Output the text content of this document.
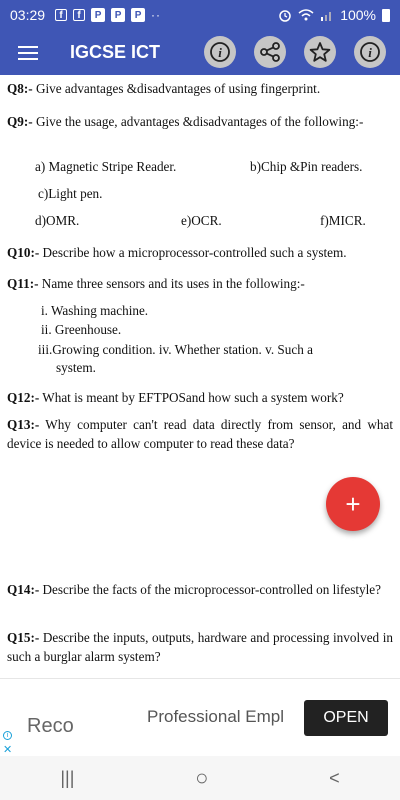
03:29	f	f	P	P	P ··	100%
IGCSE ICT	i	i
Q8:- Give advantages &disadvantages of using fingerprint.
Q9:- Give the usage, advantages &disadvantages of the following:-
a) Magnetic Stripe Reader.	b)Chip &Pin readers.
c)Light pen.
d)OMR.	e)OCR.	f)MICR.
Q10:- Describe how a microprocessor-controlled such a system.
Q11:- Name three sensors and its uses in the following:-
i. Washing machine.
ii. Greenhouse.
iii.Growing condition. iv. Whether station. v. Such a
system.
Q12:- What is meant by EFTPOSand how such a system work?
Q13:- Why computer can't read data directly from sensor, and what device is needed to allow computer to read these data?
Q14:- Describe the facts of the microprocessor-controlled on lifestyle?
Q15:- Describe the inputs, outputs, hardware and processing involved in such a burglar alarm system?
+
Reco	Professional Empl	OPEN
i
✕
|||	○	<
